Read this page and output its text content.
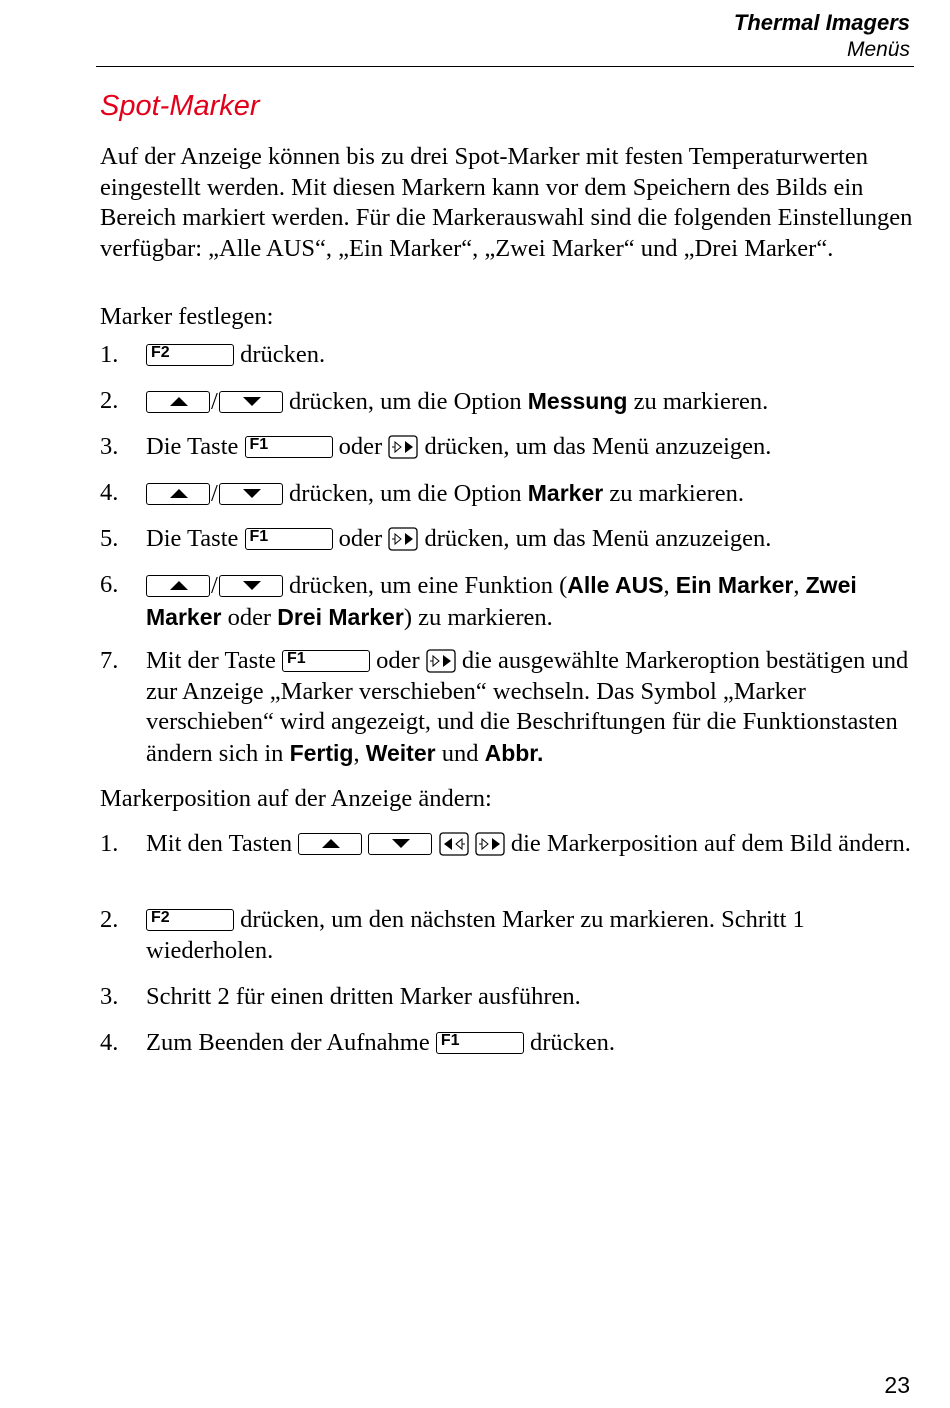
Thermal Imagers
Menüs
Spot-Marker
Auf der Anzeige können bis zu drei Spot-Marker mit festen Temperaturwerten eingestellt werden. Mit diesen Markern kann vor dem Speichern des Bilds ein Bereich markiert werden. Für die Markerauswahl sind die folgenden Einstellungen verfügbar: „Alle AUS“, „Ein Marker“, „Zwei Marker“ und „Drei Marker“.
Marker festlegen:
1. F2	drücken.
2.	/	drücken, um die Option Messung zu markieren.
3. Die Taste F1	oder  drücken, um das Menü anzuzeigen.
4.	/	drücken, um die Option Marker zu markieren.
5. Die Taste F1	oder  drücken, um das Menü anzuzeigen.
6.	/	drücken, um eine Funktion (Alle AUS, Ein Marker, Zwei Marker oder Drei Marker) zu markieren.
7. Mit der Taste F1	oder  die ausgewählte Markeroption bestätigen und zur Anzeige „Marker verschieben“ wechseln. Das Symbol „Marker verschieben“ wird angezeigt, und die Beschriftungen für die Funktionstasten ändern sich in Fertig, Weiter und Abbr.
Markerposition auf der Anzeige ändern:
1. Mit den Tasten
	die Markerposition auf dem Bild ändern.
2. F2	drücken, um den nächsten Marker zu markieren. Schritt 1 wiederholen.
3. Schritt 2 für einen dritten Marker ausführen.
4. Zum Beenden der Aufnahme F1	drücken.
23
